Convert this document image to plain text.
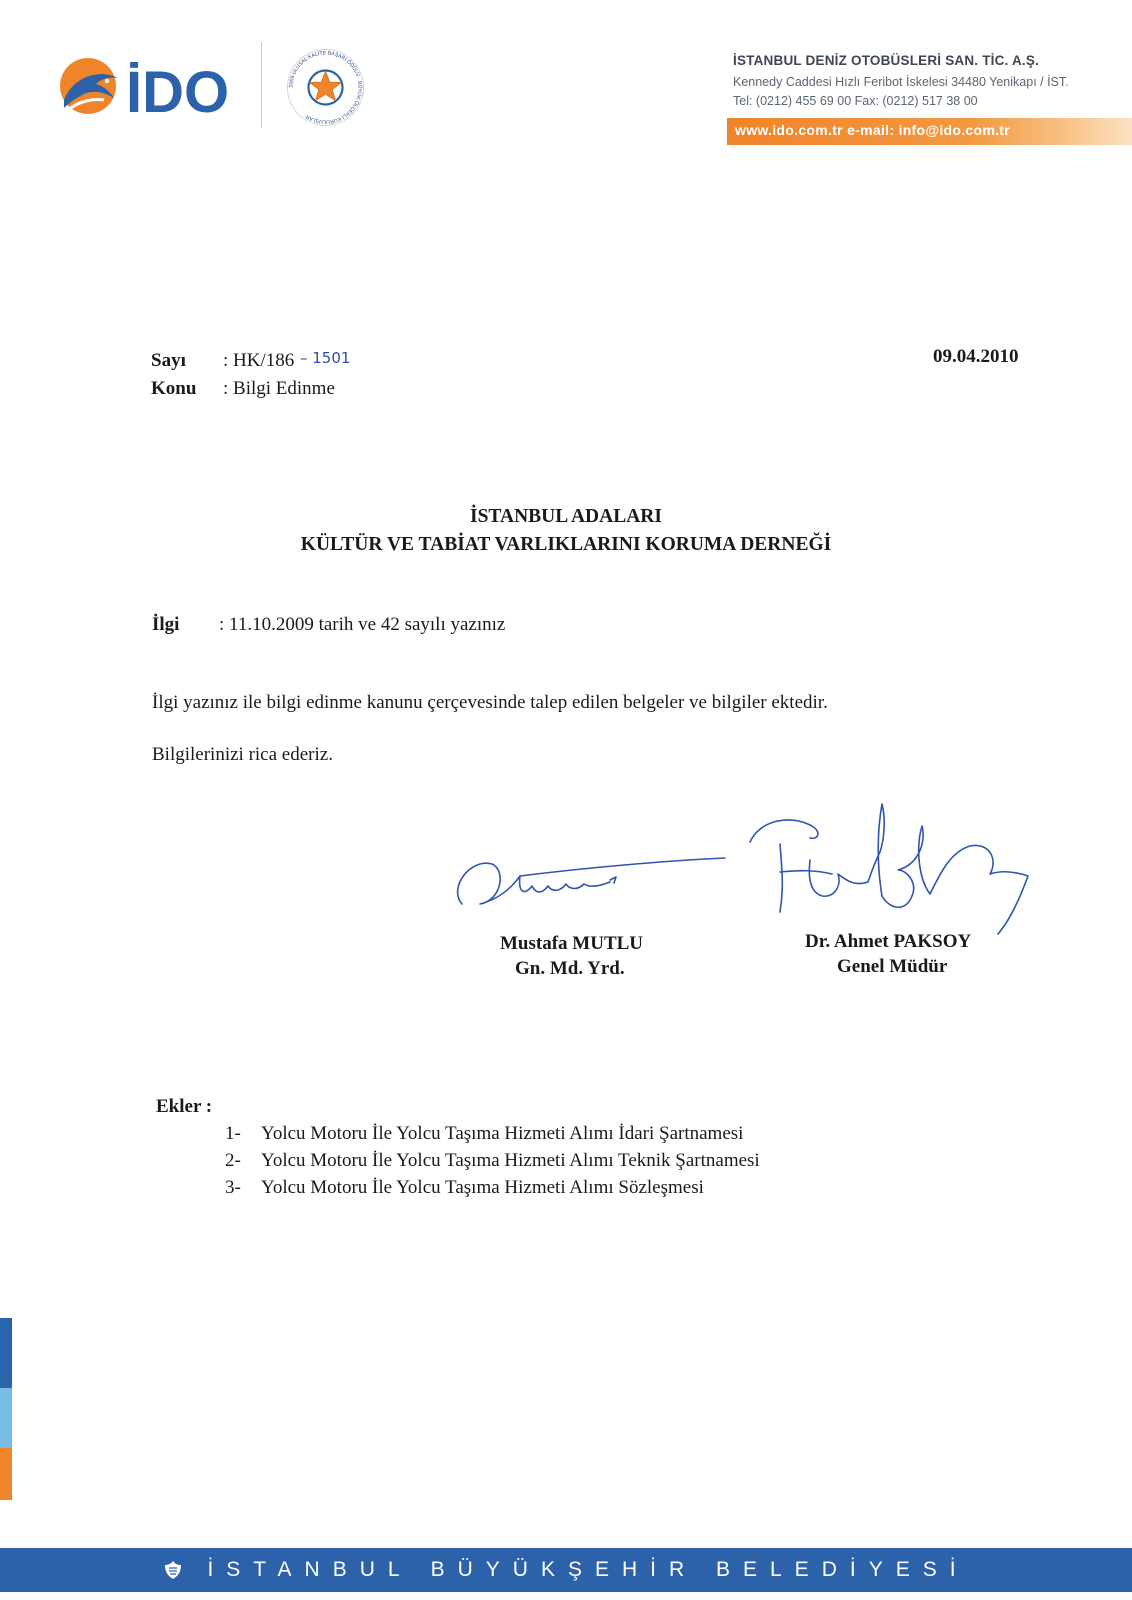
İDO	2009 ULUSAL KALİTE BAŞARI ÖDÜLÜ · BÜYÜK ÖLÇEKLİ KURULUŞLAR
İSTANBUL DENİZ OTOBÜSLERİ SAN. TİC. A.Ş.
Kennedy Caddesi Hızlı Feribot İskelesi 34480 Yenikapı / İST.
Tel: (0212) 455 69 00 Fax: (0212) 517 38 00
www.ido.com.tr e-mail: info@ido.com.tr
Sayı : HK/186 – 1501
Konu : Bilgi Edinme
09.04.2010
İSTANBUL ADALARI
KÜLTÜR VE TABİAT VARLIKLARINI KORUMA DERNEĞİ
İlgi : 11.10.2009 tarih ve 42 sayılı yazınız
İlgi yazınız ile bilgi edinme kanunu çerçevesinde talep edilen belgeler ve bilgiler ektedir.
Bilgilerinizi rica ederiz.
Mustafa MUTLU
Gn. Md. Yrd.
Dr. Ahmet PAKSOY
Genel Müdür
Ekler :
1-	Yolcu Motoru İle Yolcu Taşıma Hizmeti Alımı İdari Şartnamesi
2-	Yolcu Motoru İle Yolcu Taşıma Hizmeti Alımı Teknik Şartnamesi
3-	Yolcu Motoru İle Yolcu Taşıma Hizmeti Alımı Sözleşmesi
İSTANBUL BÜYÜKŞEHİR BELEDİYESİ
